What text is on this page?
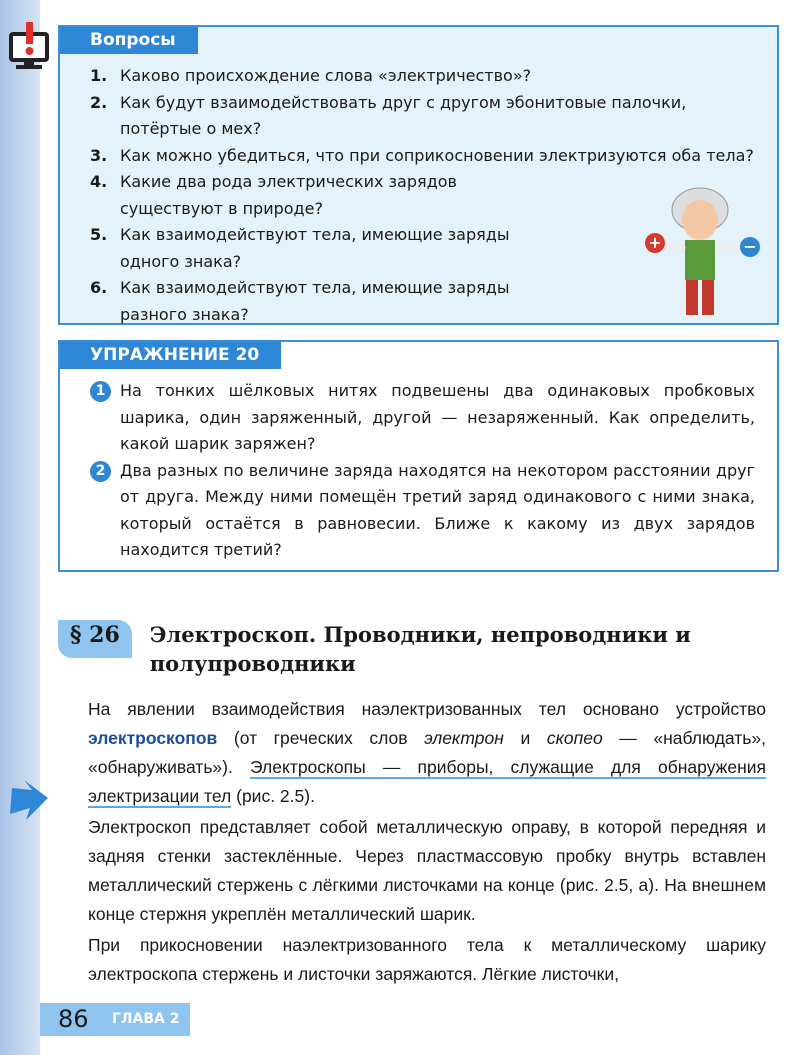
Вопросы
1. Каково происхождение слова «электричество»?
2. Как будут взаимодействовать друг с другом эбонитовые палочки, потёртые о мех?
3. Как можно убедиться, что при соприкосновении электризуются оба тела?
4. Какие два рода электрических зарядов существуют в природе?
5. Как взаимодействуют тела, имеющие заряды одного знака?
6. Как взаимодействуют тела, имеющие заряды разного знака?
+	−
УПРАЖНЕНИЕ 20
1 На тонких шёлковых нитях подвешены два одинаковых пробковых шарика, один заряженный, другой — незаряженный. Как определить, какой шарик заряжен?
2 Два разных по величине заряда находятся на некотором расстоянии друг от друга. Между ними помещён третий заряд одинакового с ними знака, который остаётся в равновесии. Ближе к какому из двух зарядов находится третий?
§ 26	Электроскоп. Проводники, непроводники и полупроводники

На явлении взаимодействия наэлектризованных тел основано устройство электроскопов (от греческих слов электрон и скопео — «наблюдать», «обнаруживать»). Электроскопы — приборы, служащие для обнаружения электризации тел (рис. 2.5).

Электроскоп представляет собой металлическую оправу, в которой передняя и задняя стенки застеклённые. Через пластмассовую пробку внутрь вставлен металлический стержень с лёгкими листочками на конце (рис. 2.5, а). На внешнем конце стержня укреплён металлический шарик.

При прикосновении наэлектризованного тела к металлическому шарику электроскопа стержень и листочки заряжаются. Лёгкие листочки,

86 ГЛАВА 2
